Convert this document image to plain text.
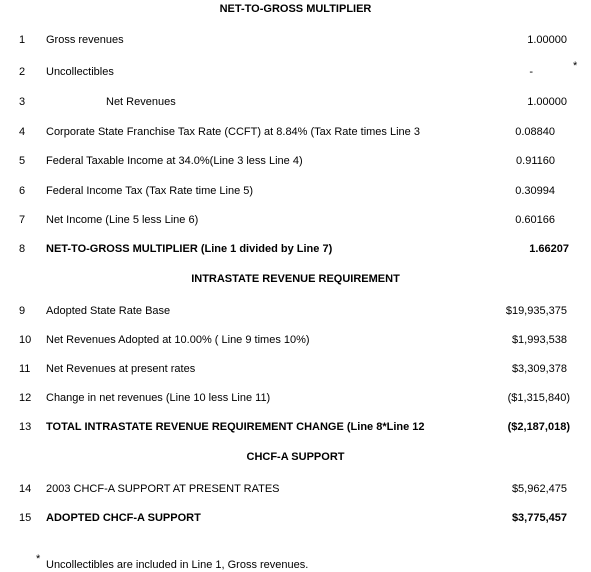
NET-TO-GROSS MULTIPLIER
INTRASTATE REVENUE REQUIREMENT
CHCF-A SUPPORT
1 Gross revenues	1.00000
2 Uncollectibles	-	*
3	Net Revenues	1.00000
4 Corporate State Franchise Tax Rate (CCFT) at 8.84% (Tax Rate times Line 3	0.08840
5 Federal Taxable Income at 34.0%(Line 3 less Line 4)	0.91160
6 Federal Income Tax (Tax Rate time Line 5)	0.30994
7 Net Income (Line 5 less Line 6)	0.60166
8 NET-TO-GROSS MULTIPLIER (Line 1 divided by Line 7)	1.66207
9 Adopted State Rate Base	$19,935,375
10 Net Revenues Adopted at 10.00% ( Line 9 times 10%)	$1,993,538
11 Net Revenues at present rates	$3,309,378
12 Change in net revenues (Line 10 less Line 11)	($1,315,840)
13 TOTAL INTRASTATE REVENUE REQUIREMENT CHANGE (Line 8*Line 12	($2,187,018)
14 2003 CHCF-A SUPPORT AT PRESENT RATES	$5,962,475
15 ADOPTED CHCF-A SUPPORT	$3,775,457
* Uncollectibles are included in Line 1, Gross revenues.
